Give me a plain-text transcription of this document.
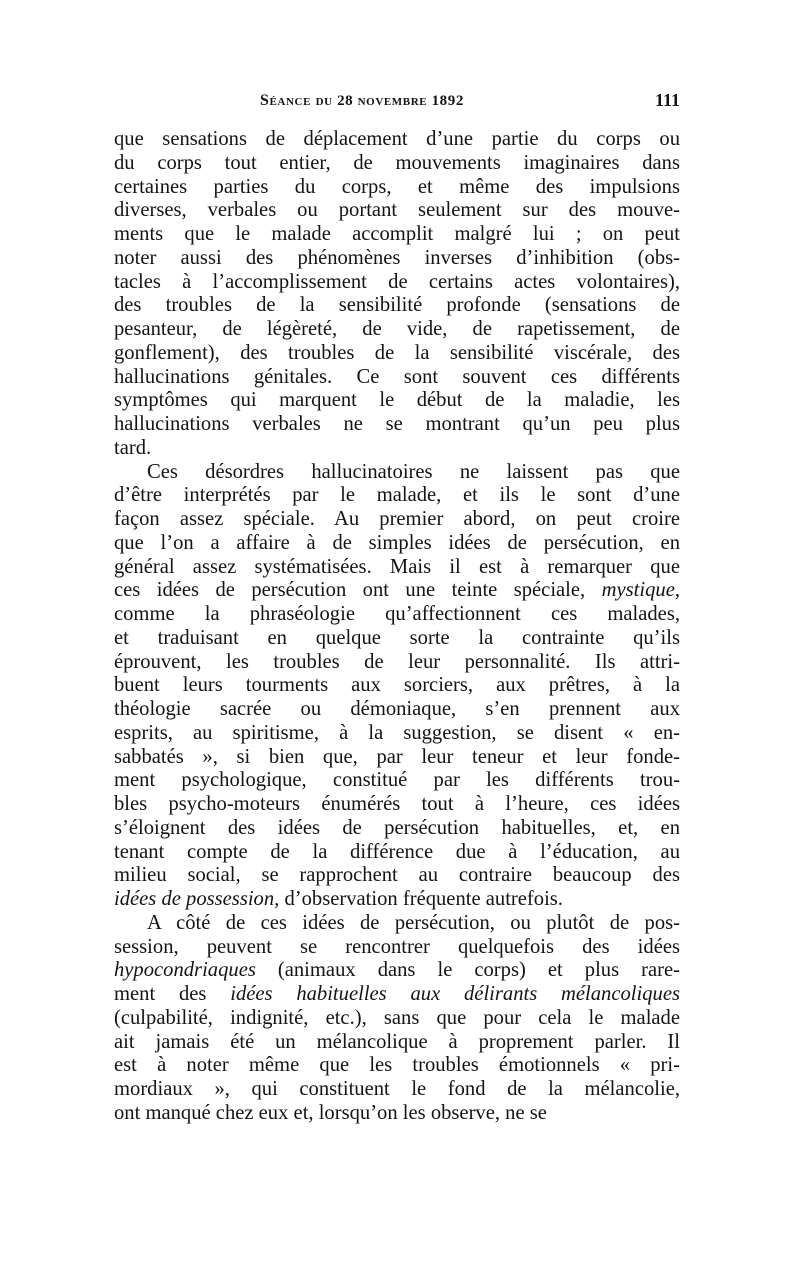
Séance du 28 novembre 1892	111

que sensations de déplacement d’une partie du corps ou

du corps tout entier, de mouvements imaginaires dans

certaines parties du corps, et même des impulsions

diverses, verbales ou portant seulement sur des mouve-

ments que le malade accomplit malgré lui ; on peut

noter aussi des phénomènes inverses d’inhibition (obs-

tacles à l’accomplissement de certains actes volontaires),

des troubles de la sensibilité profonde (sensations de

pesanteur, de légèreté, de vide, de rapetissement, de

gonflement), des troubles de la sensibilité viscérale, des

hallucinations génitales. Ce sont souvent ces différents

symptômes qui marquent le début de la maladie, les

hallucinations verbales ne se montrant qu’un peu plus

tard.

Ces désordres hallucinatoires ne laissent pas que

d’être interprétés par le malade, et ils le sont d’une

façon assez spéciale. Au premier abord, on peut croire

que l’on a affaire à de simples idées de persécution, en

général assez systématisées. Mais il est à remarquer que

ces idées de persécution ont une teinte spéciale, mystique,

comme la phraséologie qu’affectionnent ces malades,

et traduisant en quelque sorte la contrainte qu’ils

éprouvent, les troubles de leur personnalité. Ils attri-

buent leurs tourments aux sorciers, aux prêtres, à la

théologie sacrée ou démoniaque, s’en prennent aux

esprits, au spiritisme, à la suggestion, se disent « en-

sabbatés », si bien que, par leur teneur et leur fonde-

ment psychologique, constitué par les différents trou-

bles psycho-moteurs énumérés tout à l’heure, ces idées

s’éloignent des idées de persécution habituelles, et, en

tenant compte de la différence due à l’éducation, au

milieu social, se rapprochent au contraire beaucoup des

idées de possession, d’observation fréquente autrefois.

A côté de ces idées de persécution, ou plutôt de pos-

session, peuvent se rencontrer quelquefois des idées

hypocondriaques (animaux dans le corps) et plus rare-

ment des idées habituelles aux délirants mélancoliques

(culpabilité, indignité, etc.), sans que pour cela le malade

ait jamais été un mélancolique à proprement parler. Il

est à noter même que les troubles émotionnels « pri-

mordiaux », qui constituent le fond de la mélancolie,

ont manqué chez eux et, lorsqu’on les observe, ne se
